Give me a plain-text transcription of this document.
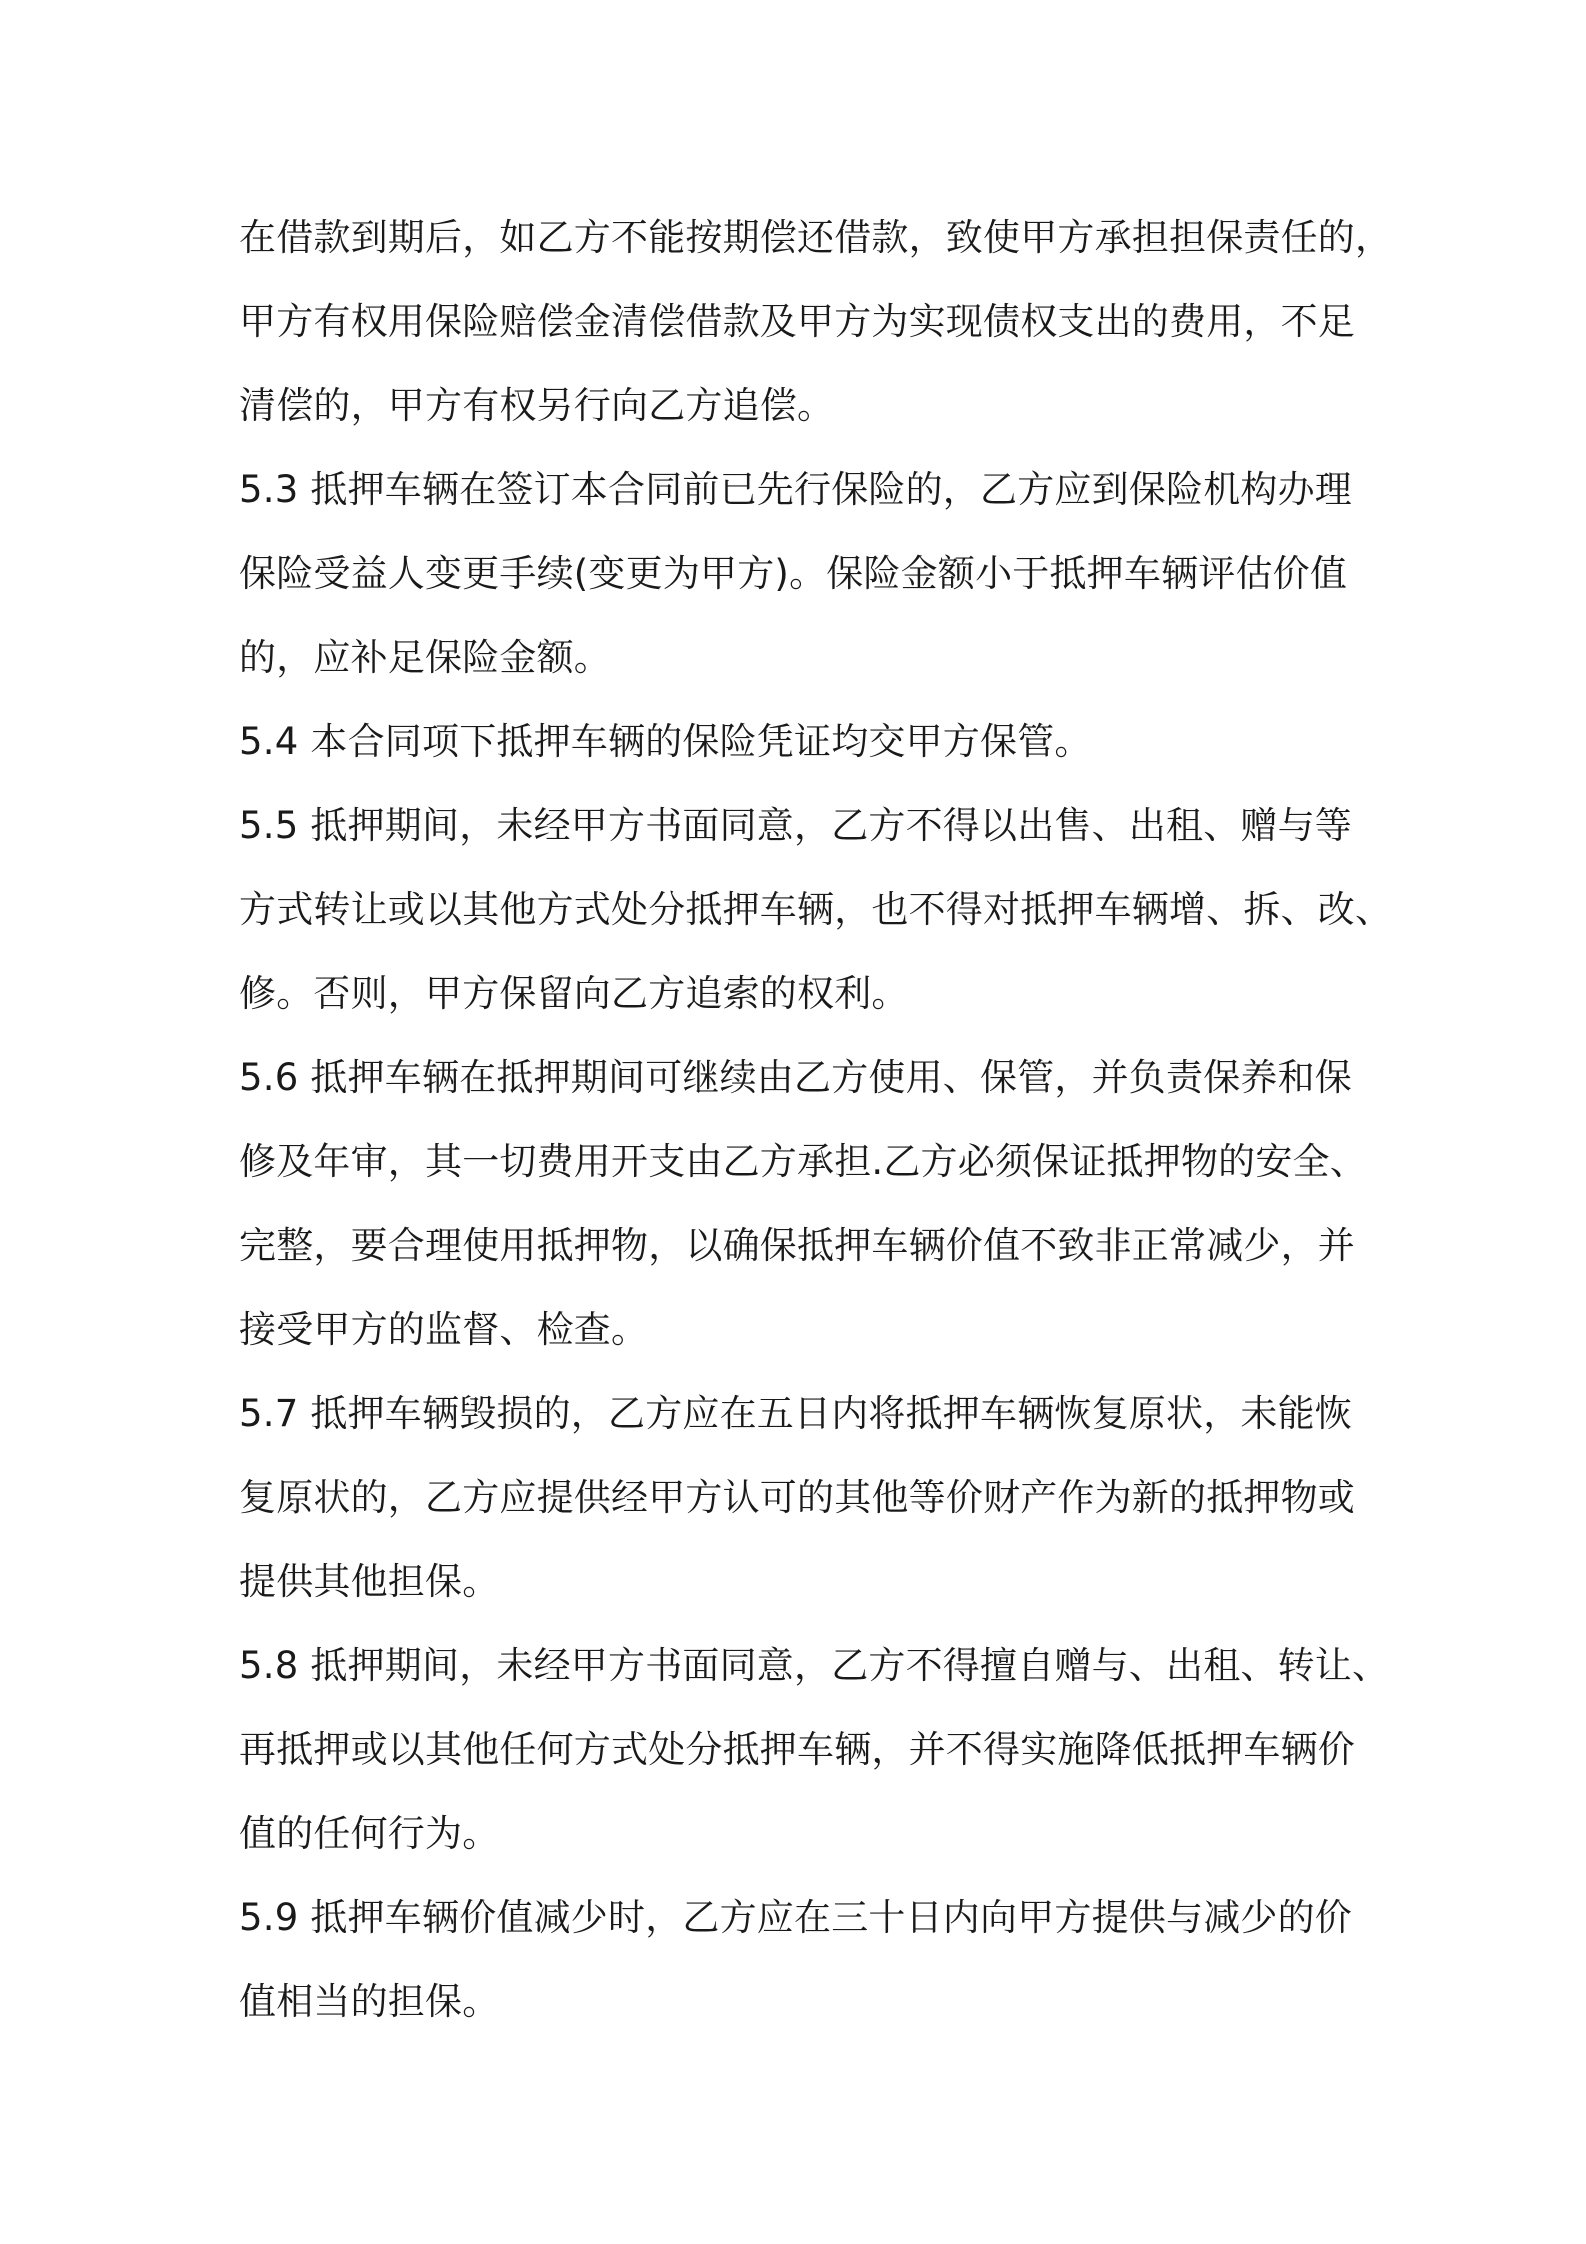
在借款到期后，如乙方不能按期偿还借款，致使甲方承担担保责任的，
甲方有权用保险赔偿金清偿借款及甲方为实现债权支出的费用，不足
清偿的，甲方有权另行向乙方追偿。
5.3 抵押车辆在签订本合同前已先行保险的，乙方应到保险机构办理
保险受益人变更手续(变更为甲方)。保险金额小于抵押车辆评估价值
的，应补足保险金额。
5.4 本合同项下抵押车辆的保险凭证均交甲方保管。
5.5 抵押期间，未经甲方书面同意，乙方不得以出售、出租、赠与等
方式转让或以其他方式处分抵押车辆，也不得对抵押车辆增、拆、改、
修。否则，甲方保留向乙方追索的权利。
5.6 抵押车辆在抵押期间可继续由乙方使用、保管，并负责保养和保
修及年审，其一切费用开支由乙方承担.乙方必须保证抵押物的安全、
完整，要合理使用抵押物，以确保抵押车辆价值不致非正常减少，并
接受甲方的监督、检查。
5.7 抵押车辆毁损的，乙方应在五日内将抵押车辆恢复原状，未能恢
复原状的，乙方应提供经甲方认可的其他等价财产作为新的抵押物或
提供其他担保。
5.8 抵押期间，未经甲方书面同意，乙方不得擅自赠与、出租、转让、
再抵押或以其他任何方式处分抵押车辆，并不得实施降低抵押车辆价
值的任何行为。
5.9 抵押车辆价值减少时，乙方应在三十日内向甲方提供与减少的价
值相当的担保。
